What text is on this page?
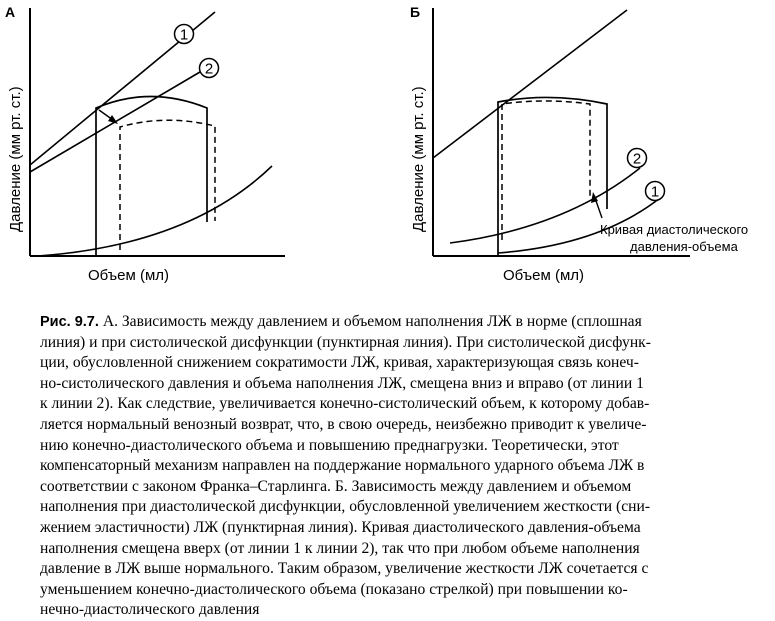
А
Давление (мм рт. ст.)
Объем (мл)
1
2
Б
Давление (мм рт. ст.)
Объем (мл)
2
1
Кривая диастолического
давления-объема
Рис. 9.7. А. Зависимость между давлением и объемом наполнения ЛЖ в норме (сплошная
линия) и при систолической дисфункции (пунктирная линия). При систолической дисфунк-
ции, обусловленной снижением сократимости ЛЖ, кривая, характеризующая связь конеч-
но-систолического давления и объема наполнения ЛЖ, смещена вниз и вправо (от линии 1
к линии 2). Как следствие, увеличивается конечно-систолический объем, к которому добав-
ляется нормальный венозный возврат, что, в свою очередь, неизбежно приводит к увеличе-
нию конечно-диастолического объема и повышению преднагрузки. Теоретически, этот
компенсаторный механизм направлен на поддержание нормального ударного объема ЛЖ в
соответствии с законом Франка–Старлинга. Б. Зависимость между давлением и объемом
наполнения при диастолической дисфункции, обусловленной увеличением жесткости (сни-
жением эластичности) ЛЖ (пунктирная линия). Кривая диастолического давления-объема
наполнения смещена вверх (от линии 1 к линии 2), так что при любом объеме наполнения
давление в ЛЖ выше нормального. Таким образом, увеличение жесткости ЛЖ сочетается с
уменьшением конечно-диастолического объема (показано стрелкой) при повышении ко-
нечно-диастолического давления
